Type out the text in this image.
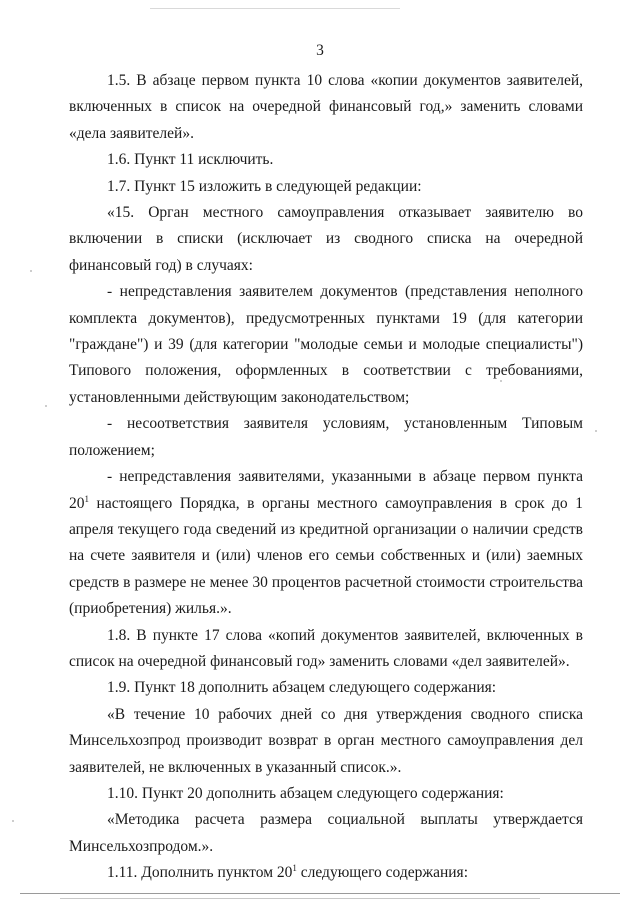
3

1.5. В абзаце первом пункта 10 слова «копии документов заявителей, включенных в список на очередной финансовый год,» заменить словами «дела заявителей».

1.6. Пункт 11 исключить.

1.7. Пункт 15 изложить в следующей редакции:

«15. Орган местного самоуправления отказывает заявителю во включении в списки (исключает из сводного списка на очередной финансовый год) в случаях:

- непредставления заявителем документов (представления неполного комплекта документов), предусмотренных пунктами 19 (для категории "граждане") и 39 (для категории "молодые семьи и молодые специалисты") Типового положения, оформленных в соответствии с требованиями, установленными действующим законодательством;

- несоответствия заявителя условиям, установленным Типовым положением;

- непредставления заявителями, указанными в абзаце первом пункта $20^1$ настоящего Порядка, в органы местного самоуправления в срок до 1 апреля текущего года сведений из кредитной организации о наличии средств на счете заявителя и (или) членов его семьи собственных и (или) заемных средств в размере не менее 30 процентов расчетной стоимости строительства (приобретения) жилья.».

1.8. В пункте 17 слова «копий документов заявителей, включенных в список на очередной финансовый год» заменить словами «дел заявителей».

1.9. Пункт 18 дополнить абзацем следующего содержания:

«В течение 10 рабочих дней со дня утверждения сводного списка Минсельхозпрод производит возврат в орган местного самоуправления дел заявителей, не включенных в указанный список.».

1.10. Пункт 20 дополнить абзацем следующего содержания:

«Методика расчета размера социальной выплаты утверждается Минсельхозпродом.».

1.11. Дополнить пунктом $20^1$ следующего содержания:
